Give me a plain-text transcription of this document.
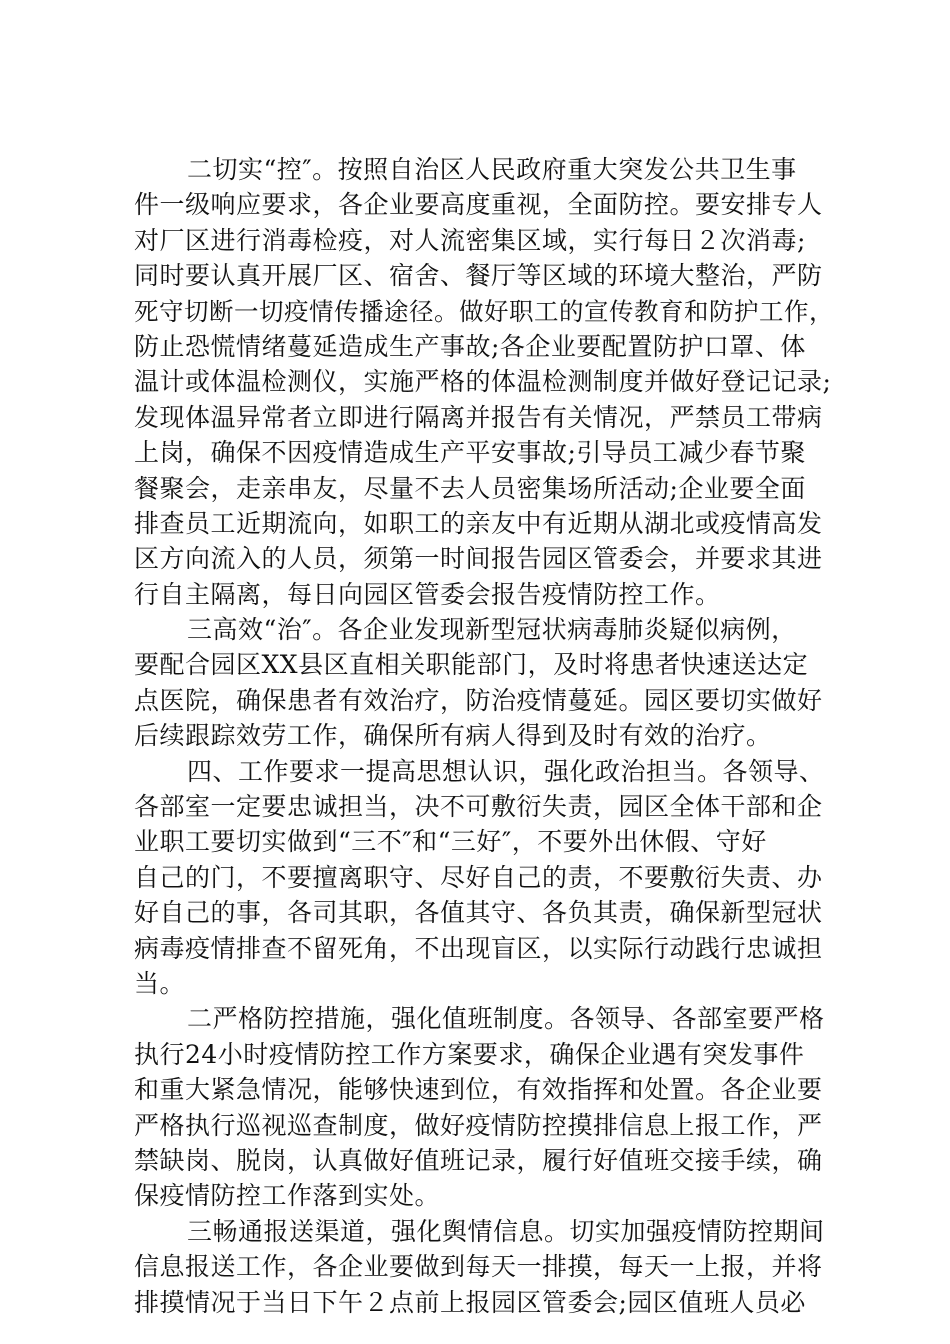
二切实“控″。按照自治区人民政府重大突发公共卫生事
件一级响应要求，各企业要高度重视，全面防控。要安排专人
对厂区进行消毒检疫，对人流密集区域，实行每日２次消毒;
同时要认真开展厂区、宿舍、餐厅等区域的环境大整治，严防
死守切断一切疫情传播途径。做好职工的宣传教育和防护工作，
防止恐慌情绪蔓延造成生产事故;各企业要配置防护口罩、体
温计或体温检测仪，实施严格的体温检测制度并做好登记记录;
发现体温异常者立即进行隔离并报告有关情况，严禁员工带病
上岗，确保不因疫情造成生产平安事故;引导员工减少春节聚
餐聚会，走亲串友，尽量不去人员密集场所活动;企业要全面
排查员工近期流向，如职工的亲友中有近期从湖北或疫情高发
区方向流入的人员，须第一时间报告园区管委会，并要求其进
行自主隔离，每日向园区管委会报告疫情防控工作。
三高效“治″。各企业发现新型冠状病毒肺炎疑似病例，
要配合园区XX县区直相关职能部门，及时将患者快速送达定
点医院，确保患者有效治疗，防治疫情蔓延。园区要切实做好
后续跟踪效劳工作，确保所有病人得到及时有效的治疗。
四、工作要求一提高思想认识，强化政治担当。各领导、
各部室一定要忠诚担当，决不可敷衍失责，园区全体干部和企
业职工要切实做到“三不″和“三好″，不要外出休假、守好
自己的门，不要擅离职守、尽好自己的责，不要敷衍失责、办
好自己的事，各司其职，各值其守、各负其责，确保新型冠状
病毒疫情排查不留死角，不出现盲区，以实际行动践行忠诚担
当。
二严格防控措施，强化值班制度。各领导、各部室要严格
执行24小时疫情防控工作方案要求，确保企业遇有突发事件
和重大紧急情况，能够快速到位，有效指挥和处置。各企业要
严格执行巡视巡查制度，做好疫情防控摸排信息上报工作，严
禁缺岗、脱岗，认真做好值班记录，履行好值班交接手续，确
保疫情防控工作落到实处。
三畅通报送渠道，强化舆情信息。切实加强疫情防控期间
信息报送工作，各企业要做到每天一排摸，每天一上报，并将
排摸情况于当日下午２点前上报园区管委会;园区值班人员必
